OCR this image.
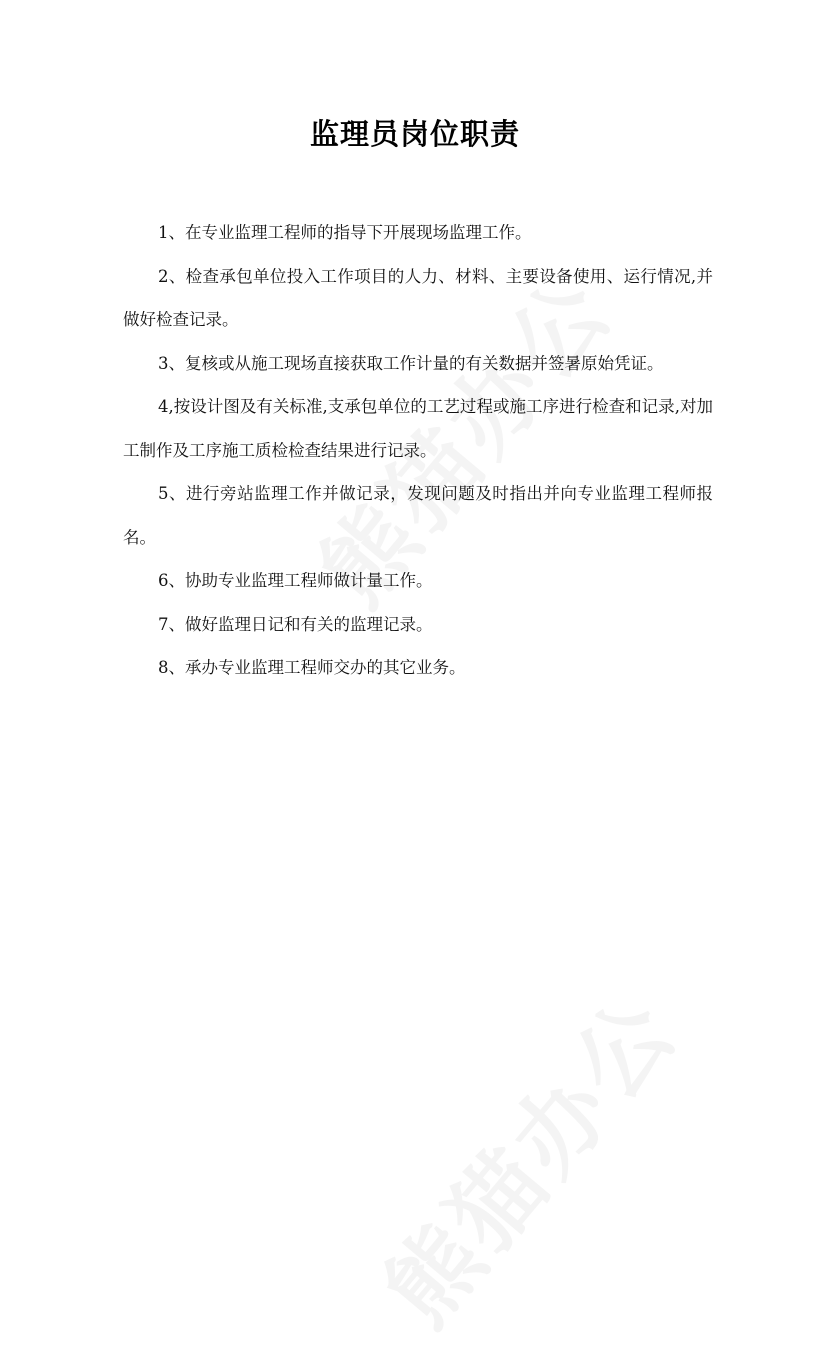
监理员岗位职责

1、在专业监理工程师的指导下开展现场监理工作。

2、检查承包单位投入工作项目的人力、材料、主要设备使用、运行情况,并做好检查记录。

3、复核或从施工现场直接获取工作计量的有关数据并签暑原始凭证。

4,按设计图及有关标准,支承包单位的工艺过程或施工序进行检查和记录,对加工制作及工序施工质检检查结果进行记录。

5、进行旁站监理工作并做记录，发现问题及时指出并向专业监理工程师报名。

6、协助专业监理工程师做计量工作。

7、做好监理日记和有关的监理记录。

8、承办专业监理工程师交办的其它业务。
